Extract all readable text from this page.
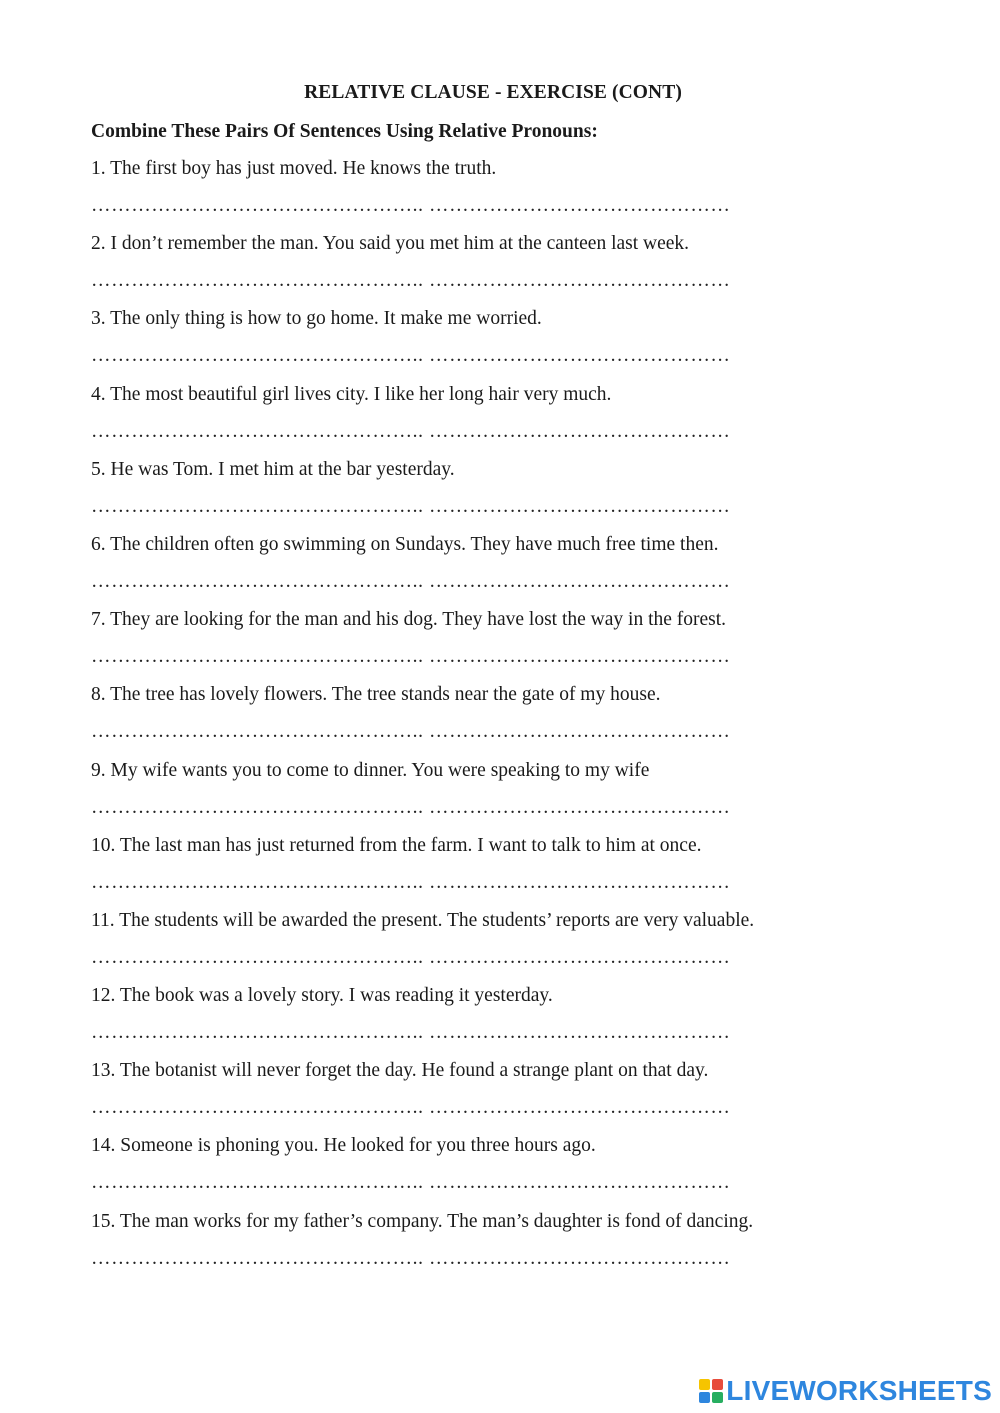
RELATIVE CLAUSE - EXERCISE (CONT)
Combine These Pairs Of Sentences Using Relative Pronouns:
1. The first boy has just moved. He knows the truth.
………………………………………….. ………………………………………
2. I don’t remember the man. You said you met him at the canteen last week.
………………………………………….. ………………………………………
3. The only thing is how to go home. It make me worried.
………………………………………….. ………………………………………
4. The most beautiful girl lives city. I like her long hair very much.
………………………………………….. ………………………………………
5. He was Tom. I met him at the bar yesterday.
………………………………………….. ………………………………………
6. The children often go swimming on Sundays. They have much free time then.
………………………………………….. ………………………………………
7. They are looking for the man and his dog. They have lost the way in the forest.
………………………………………….. ………………………………………
8. The tree has lovely flowers. The tree stands near the gate of my house.
………………………………………….. ………………………………………
9. My wife wants you to come to dinner. You were speaking to my wife
………………………………………….. ………………………………………
10. The last man has just returned from the farm. I want to talk to him at once.
………………………………………….. ………………………………………
11. The students will be awarded the present. The students’ reports are very valuable.
………………………………………….. ………………………………………
12. The book was a lovely story. I was reading it yesterday.
………………………………………….. ………………………………………
13. The botanist will never forget the day. He found a strange plant on that day.
………………………………………….. ………………………………………
14. Someone is phoning you. He looked for you three hours ago.
………………………………………….. ………………………………………
15. The man works for my father’s company. The man’s daughter is fond of dancing.
………………………………………….. ………………………………………
LIVEWORKSHEETS
